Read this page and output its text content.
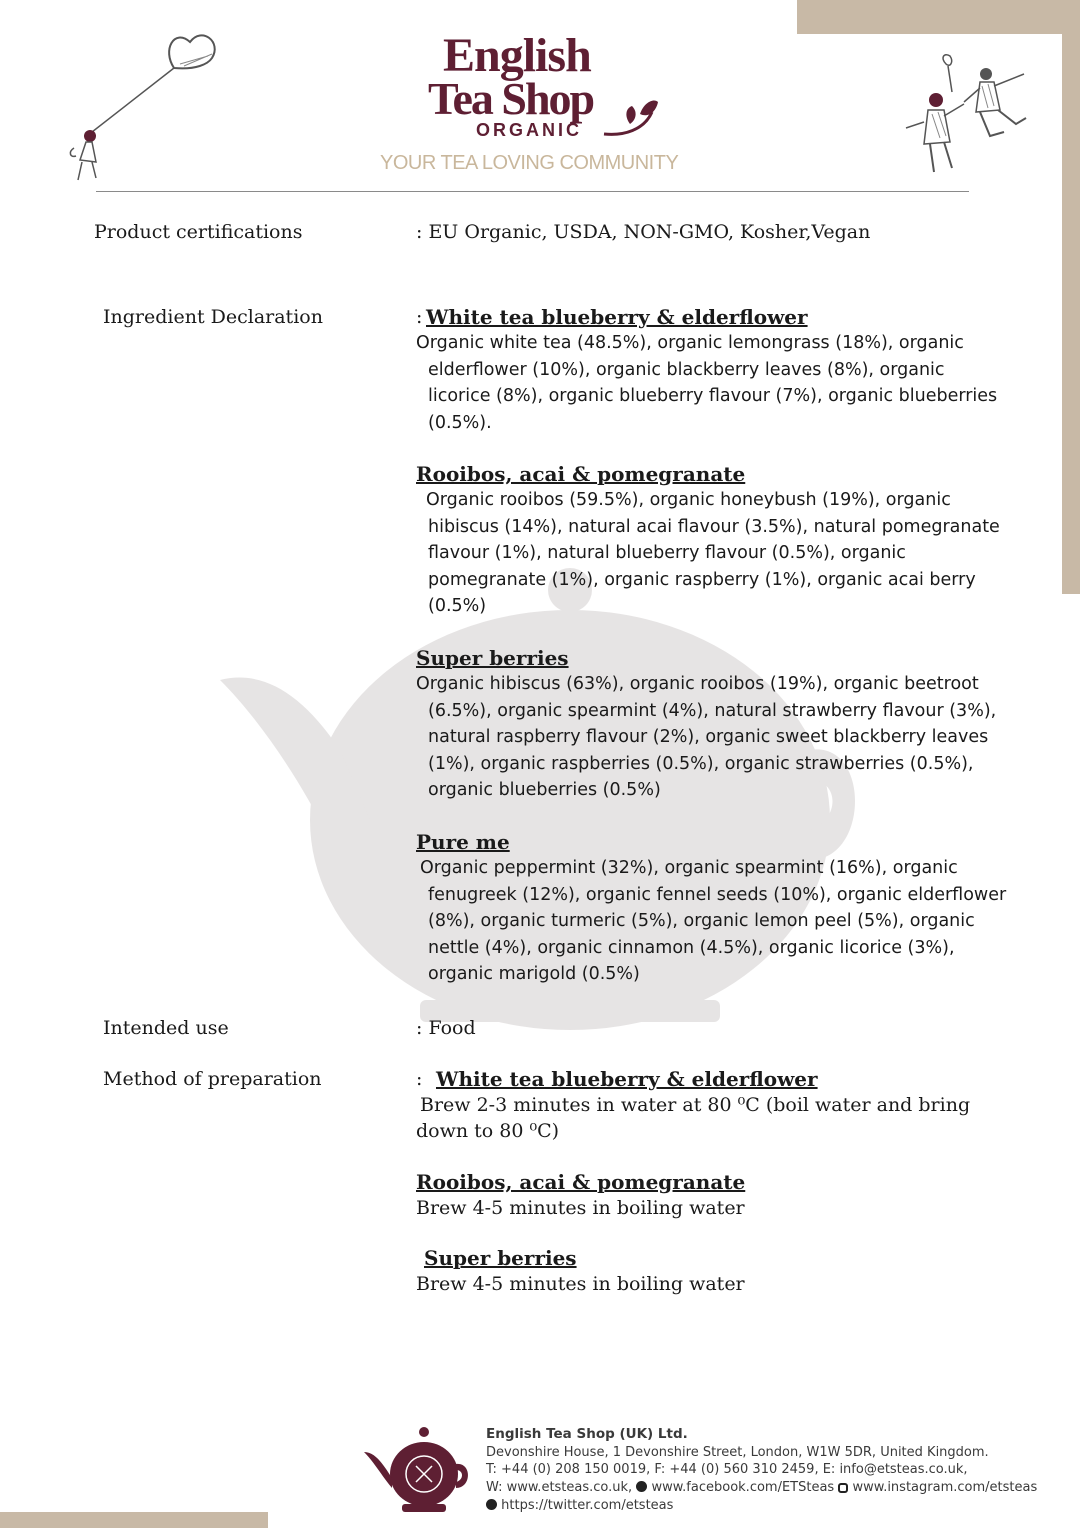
English
Tea Shop
ORGANIC
YOUR TEA LOVING COMMUNITY
Product certifications	: EU Organic, USDA, NON-GMO, Kosher,Vegan
Ingredient Declaration	: White tea blueberry & elderflower
Organic white tea (48.5%), organic lemongrass (18%), organic
elderflower (10%), organic blackberry leaves (8%), organic
licorice (8%), organic blueberry flavour (7%), organic blueberries
(0.5%).
Rooibos, acai & pomegranate
Organic rooibos (59.5%), organic honeybush (19%), organic
hibiscus (14%), natural acai flavour (3.5%), natural pomegranate
flavour (1%), natural blueberry flavour (0.5%), organic
pomegranate (1%), organic raspberry (1%), organic acai berry
(0.5%)
Super berries
Organic hibiscus (63%), organic rooibos (19%), organic beetroot
(6.5%), organic spearmint (4%), natural strawberry flavour (3%),
natural raspberry flavour (2%), organic sweet blackberry leaves
(1%), organic raspberries (0.5%), organic strawberries (0.5%),
organic blueberries (0.5%)
Pure me
Organic peppermint (32%), organic spearmint (16%), organic
fenugreek (12%), organic fennel seeds (10%), organic elderflower
(8%), organic turmeric (5%), organic lemon peel (5%), organic
nettle (4%), organic cinnamon (4.5%), organic licorice (3%),
organic marigold (0.5%)
Intended use	: Food
Method of preparation	: White tea blueberry & elderflower
Brew 2-3 minutes in water at 80 ⁰C (boil water and bring
down to 80 ⁰C)
Rooibos, acai & pomegranate
Brew 4-5 minutes in boiling water
Super berries
Brew 4-5 minutes in boiling water
English Tea Shop (UK) Ltd.
Devonshire House, 1 Devonshire Street, London, W1W 5DR, United Kingdom.
T: +44 (0) 208 150 0019, F: +44 (0) 560 310 2459, E: info@etsteas.co.uk,
W: www.etsteas.co.uk, www.facebook.com/ETSteas www.instagram.com/etsteas
https://twitter.com/etsteas
